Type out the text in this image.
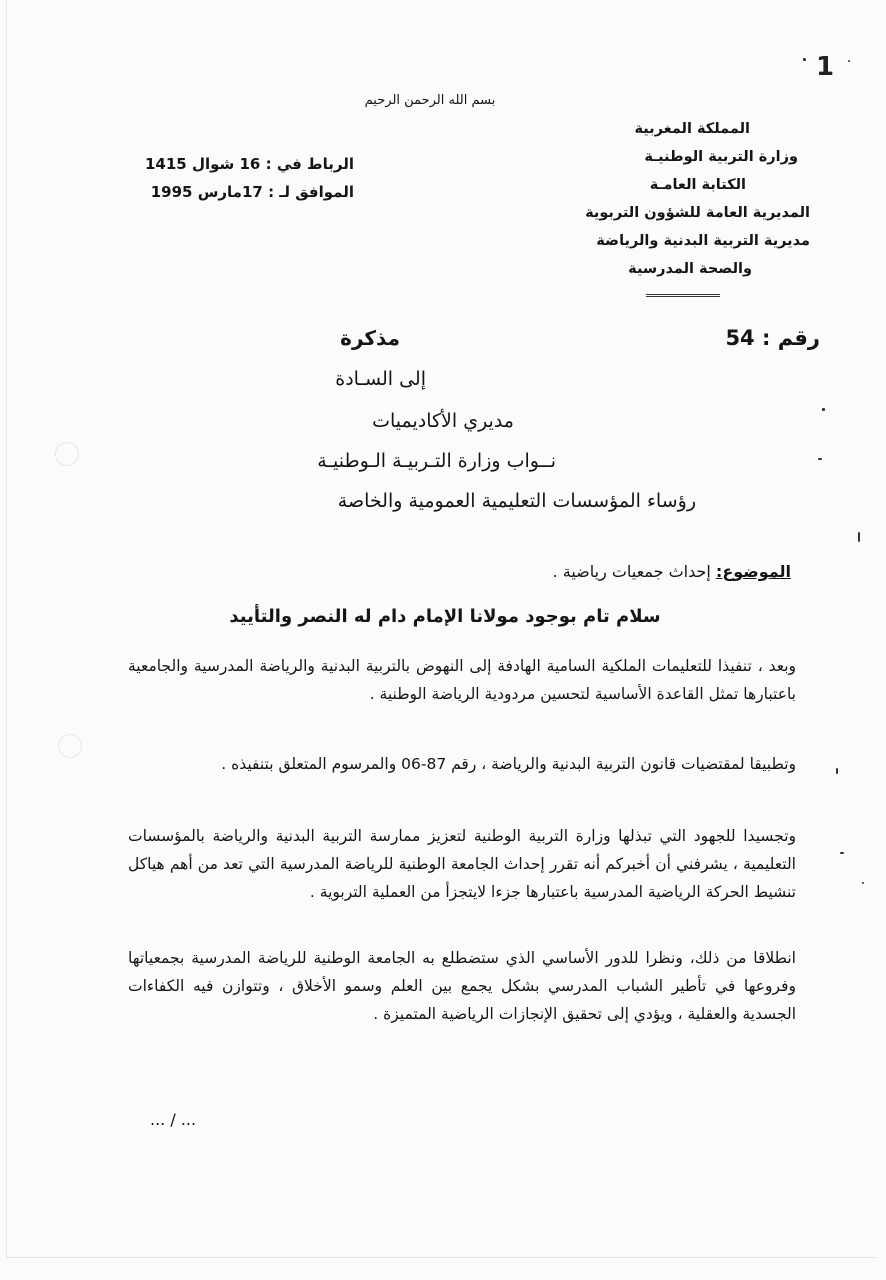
1
بسم الله الرحمن الرحيم
المملكة المغربية
وزارة التربية الوطنيـة
الكتابة العامـة
المديرية العامة للشؤون التربوية
مديرية التربية البدنية والرياضة
والصحة المدرسية
الرباط في : 16 شوال 1415
الموافق لـ : 17مارس 1995
رقم : 54
مذكرة
إلى السـادة
مديري الأكاديميات
نــواب وزارة التـربيـة الـوطنيـة
رؤساء المؤسسات التعليمية العمومية والخاصة
الموضوع: إحداث جمعيات رياضية .
سلام تام بوجود مولانا الإمام دام له النصر والتأييد
وبعد ، تنفيذا للتعليمات الملكية السامية الهادفة إلى النهوض بالتربية البدنية والرياضة المدرسية والجامعية باعتبارها تمثل القاعدة الأساسية لتحسين مردودية الرياضة الوطنية .
وتطبيقا لمقتضيات قانون التربية البدنية والرياضة ، رقم 87-06 والمرسوم المتعلق بتنفيذه .
وتجسيدا للجهود التي تبذلها وزارة التربية الوطنية لتعزيز ممارسة التربية البدنية والرياضة بالمؤسسات التعليمية ، يشرفني أن أخبركم أنه تقرر إحداث الجامعة الوطنية للرياضة المدرسية التي تعد من أهم هياكل تنشيط الحركة الرياضية المدرسية باعتبارها جزءا لايتجزأ من العملية التربوية .
انطلاقا من ذلك، ونظرا للدور الأساسي الذي ستضطلع به الجامعة الوطنية للرياضة المدرسية بجمعياتها وفروعها في تأطير الشباب المدرسي بشكل يجمع بين العلم وسمو الأخلاق ، وتتوازن فيه الكفاءات الجسدية والعقلية ، ويؤدي إلى تحقيق الإنجازات الرياضية المتميزة .
... / ...
